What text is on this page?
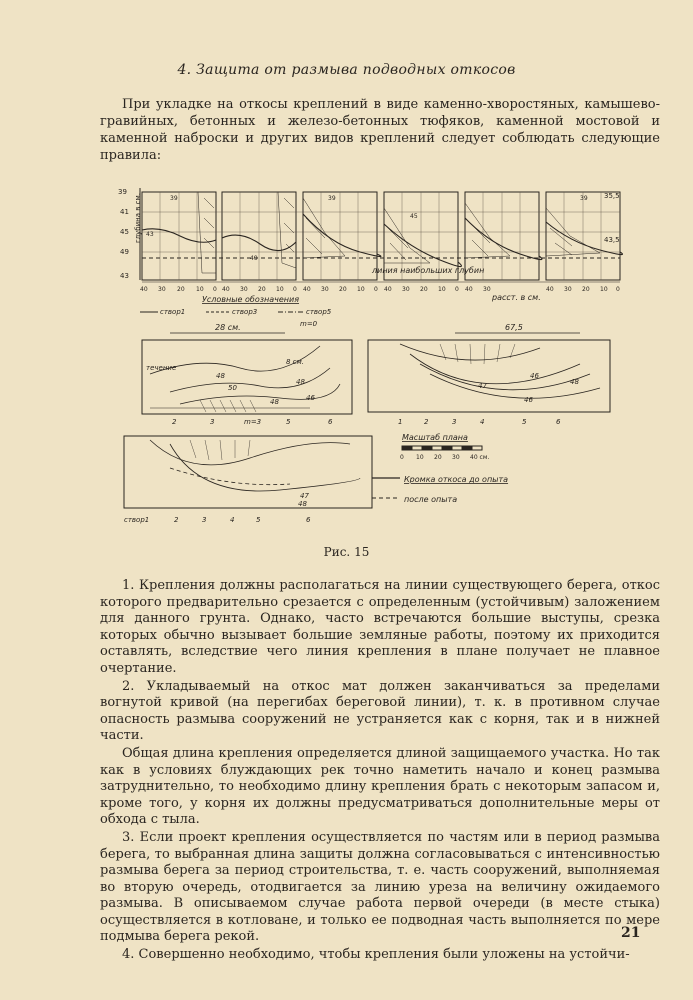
4. Защита от размыва подводных откосов
При укладке на откосы креплений в виде каменно-хворостяных, камышево-гравийных, бетонных и железо-бетонных тюфяков, каменной мостовой и каменной наброски и других видов креплений следует соблюдать следующие правила:
39
41
45
49
43
глубина в см.	35,5
43,5
39
43
49
39
45
39
линия наибольших глубин
40 30 20 10 0 40 30 20 10 0 40 30 20 10 0 40 30 20 10 0 40 30	40 30 20 10 0
расст. в см.
Условные обозначения
створ1	створ3	створ5
m=0
28 см.	67,5
течение
8 см.
48
50
48
46
48
2	3	m=3	5	6
46
47
46
48
1	2	3	4	5	6
47
48
створ1	2	3	4	5	6
Масштаб плана
0 10 20 30 40 см.
Кромка откоса до опыта
после опыта
Рис. 15

1. Крепления должны располагаться на линии существующего берега, откос которого предварительно срезается с определенным (устойчивым) заложением для данного грунта. Однако, часто встречаются большие выступы, срезка которых обычно вызывает большие земляные работы, поэтому их приходится оставлять, вследствие чего линия крепления в плане получает не плавное очертание.

2. Укладываемый на откос мат должен заканчиваться за пределами вогнутой кривой (на перегибах береговой линии), т. к. в противном случае опасность размыва сооружений не устраняется как с корня, так и в нижней части.

Общая длина крепления определяется длиной защищаемого участка. Но так как в условиях блуждающих рек точно наметить начало и конец размыва затруднительно, то необходимо длину крепления брать с некоторым запасом и, кроме того, у корня их должны предусматриваться дополнительные меры от обхода с тыла.

3. Если проект крепления осуществляется по частям или в период размыва берега, то выбранная длина защиты должна согласовываться с интенсивностью размыва берега за период строительства, т. е. часть сооружений, выполняемая во вторую очередь, отодвигается за линию уреза на величину ожидаемого размыва. В описываемом случае работа первой очереди (в месте стыка) осуществляется в котловане, и только ее подводная часть выполняется по мере подмыва берега рекой.

4. Совершенно необходимо, чтобы крепления были уложены на устойчи-

21
